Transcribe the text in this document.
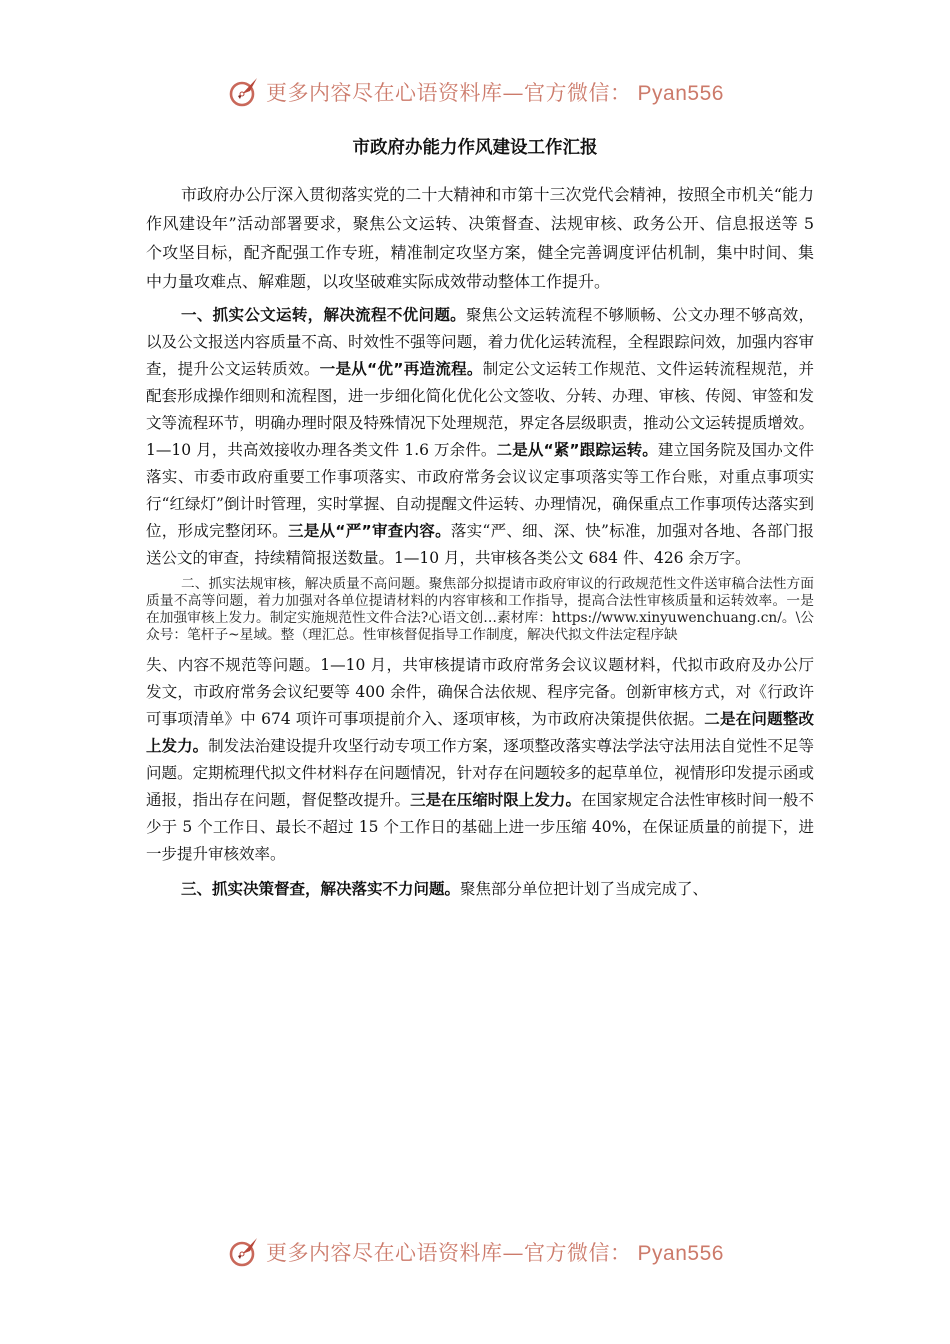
更多内容尽在心语资料库—官方微信： Pyan556
市政府办能力作风建设工作汇报

市政府办公厅深入贯彻落实党的二十大精神和市第十三次党代会精神，按照全市机关“能力作风建设年”活动部署要求，聚焦公文运转、决策督查、法规审核、政务公开、信息报送等 5 个攻坚目标，配齐配强工作专班，精准制定攻坚方案，健全完善调度评估机制，集中时间、集中力量攻难点、解难题，以攻坚破难实际成效带动整体工作提升。

一、抓实公文运转，解决流程不优问题。聚焦公文运转流程不够顺畅、公文办理不够高效，以及公文报送内容质量不高、时效性不强等问题，着力优化运转流程，全程跟踪问效，加强内容审查，提升公文运转质效。一是从“优”再造流程。制定公文运转工作规范、文件运转流程规范，并配套形成操作细则和流程图，进一步细化简化优化公文签收、分转、办理、审核、传阅、审签和发文等流程环节，明确办理时限及特殊情况下处理规范，界定各层级职责，推动公文运转提质增效。1—10 月，共高效接收办理各类文件 1.6 万余件。二是从“紧”跟踪运转。建立国务院及国办文件落实、市委市政府重要工作事项落实、市政府常务会议议定事项落实等工作台账，对重点事项实行“红绿灯”倒计时管理，实时掌握、自动提醒文件运转、办理情况，确保重点工作事项传达落实到位，形成完整闭环。三是从“严”审查内容。落实“严、细、深、快”标准，加强对各地、各部门报送公文的审查，持续精简报送数量。1—10 月，共审核各类公文 684 件、426 余万字。

二、抓实法规审核，解决质量不高问题。聚焦部分拟提请市政府审议的行政规范性文件送审稿合法性方面质量不高等问题，着力加强对各单位提请材料的内容审核和工作指导，提高合法性审核质量和运转效率。一是在加强审核上发力。制定实施规范性文件合法?心语文创…素材库：https://www.xinyuwenchuang.cn/。\公众号：笔杆子~星域。整（理汇总。性审核督促指导工作制度，解决代拟文件法定程序缺

失、内容不规范等问题。1—10 月，共审核提请市政府常务会议议题材料，代拟市政府及办公厅发文，市政府常务会议纪要等 400 余件，确保合法依规、程序完备。创新审核方式，对《行政许可事项清单》中 674 项许可事项提前介入、逐项审核，为市政府决策提供依据。二是在问题整改上发力。制发法治建设提升攻坚行动专项工作方案，逐项整改落实尊法学法守法用法自觉性不足等问题。定期梳理代拟文件材料存在问题情况，针对存在问题较多的起草单位，视情形印发提示函或通报，指出存在问题，督促整改提升。三是在压缩时限上发力。在国家规定合法性审核时间一般不少于 5 个工作日、最长不超过 15 个工作日的基础上进一步压缩 40%，在保证质量的前提下，进一步提升审核效率。

三、抓实决策督查，解决落实不力问题。聚焦部分单位把计划了当成完成了、

更多内容尽在心语资料库—官方微信： Pyan556
